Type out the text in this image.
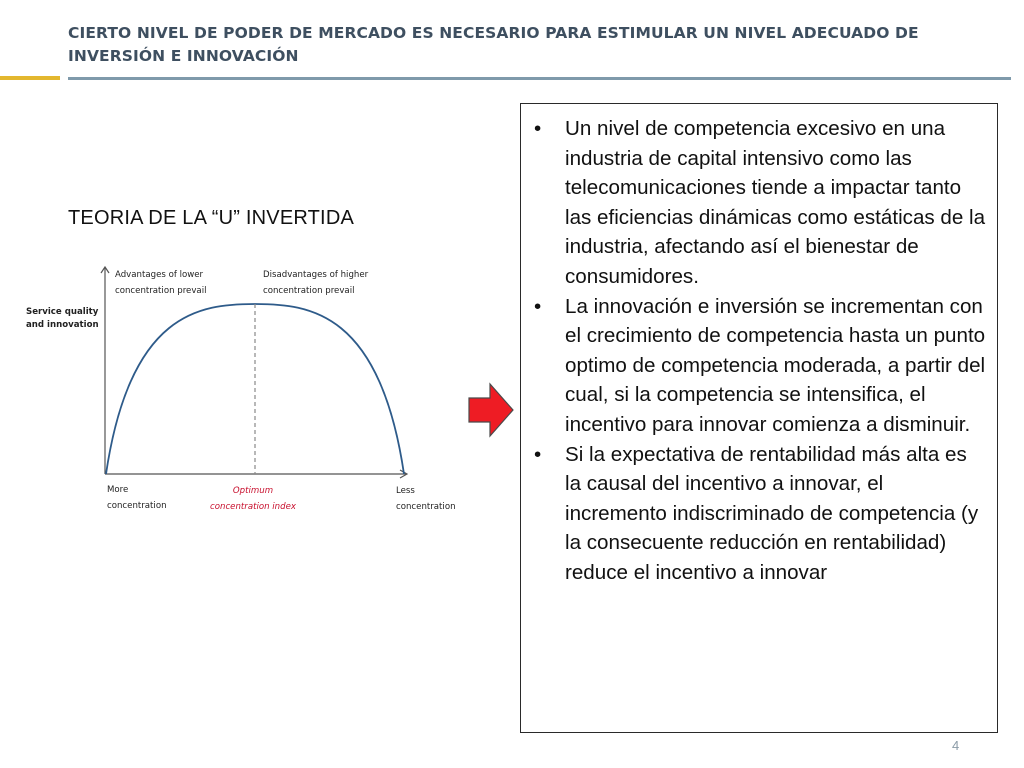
CIERTO NIVEL DE PODER DE MERCADO ES NECESARIO PARA ESTIMULAR UN NIVEL ADECUADO DE INVERSIÓN E INNOVACIÓN
TEORIA DE LA “U” INVERTIDA
Service quality
and innovation
Advantages of lower
concentration prevail
Disadvantages of higher
concentration prevail
More
concentration
Optimum
concentration index
Less
concentration
• Un nivel de competencia excesivo en una industria de capital intensivo como las telecomunicaciones tiende a impactar tanto las eficiencias dinámicas como estáticas de la industria, afectando así el bienestar de consumidores.
• La innovación e inversión se incrementan con el crecimiento de competencia hasta un punto optimo de competencia moderada, a partir del cual, si la competencia se intensifica, el incentivo para innovar comienza a disminuir.
• Si la expectativa de rentabilidad más alta es la causal del incentivo a innovar, el incremento indiscriminado de competencia (y la consecuente reducción en rentabilidad) reduce el incentivo a innovar
4
